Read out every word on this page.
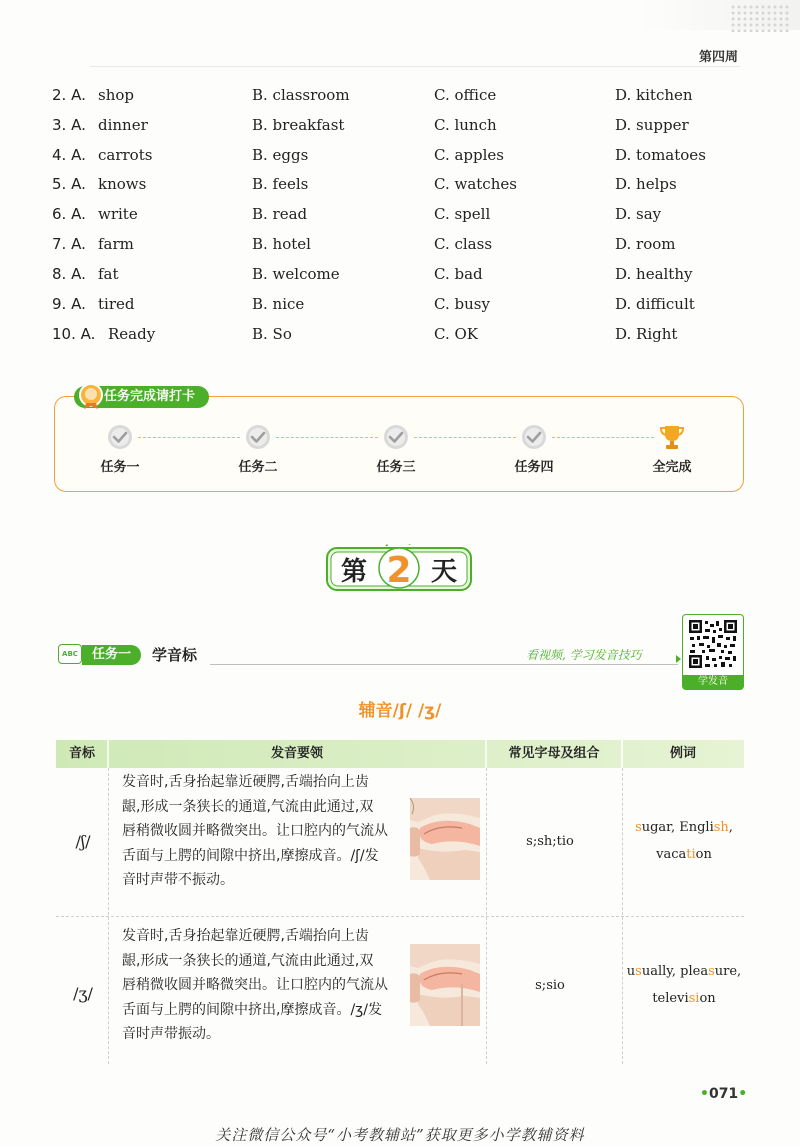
第四周
2. A. shop	B. classroom	C. office	D. kitchen
3. A. dinner	B. breakfast	C. lunch	D. supper
4. A. carrots	B. eggs	C. apples	D. tomatoes
5. A. knows	B. feels	C. watches	D. helps
6. A. write	B. read	C. spell	D. say
7. A. farm	B. hotel	C. class	D. room
8. A. fat	B. welcome	C. bad	D. healthy
9. A. tired	B. nice	C. busy	D. difficult
10. A. Ready	B. So	C. OK	D. Right
任务完成请打卡
任务一	任务二	任务三	任务四	全完成
第 2 天
ABC	任务一	学音标	看视频, 学习发音技巧
学发音
辅音/ʃ/ /ʒ/
音标	发音要领	常见字母及组合	例词
/ʃ/
发音时,舌身抬起靠近硬腭,舌端抬向上齿
龈,形成一条狭长的通道,气流由此通过,双
唇稍微收圆并略微突出。让口腔内的气流从
舌面与上腭的间隙中挤出,摩擦成音。/ʃ/发
音时声带不振动。
s;sh;tio
sugar, English,
vacation
/ʒ/
发音时,舌身抬起靠近硬腭,舌端抬向上齿
龈,形成一条狭长的通道,气流由此通过,双
唇稍微收圆并略微突出。让口腔内的气流从
舌面与上腭的间隙中挤出,摩擦成音。/ʒ/发
音时声带振动。
s;sio
usually, pleasure,
television
•071•
关注微信公众号“小考教辅站”获取更多小学教辅资料
